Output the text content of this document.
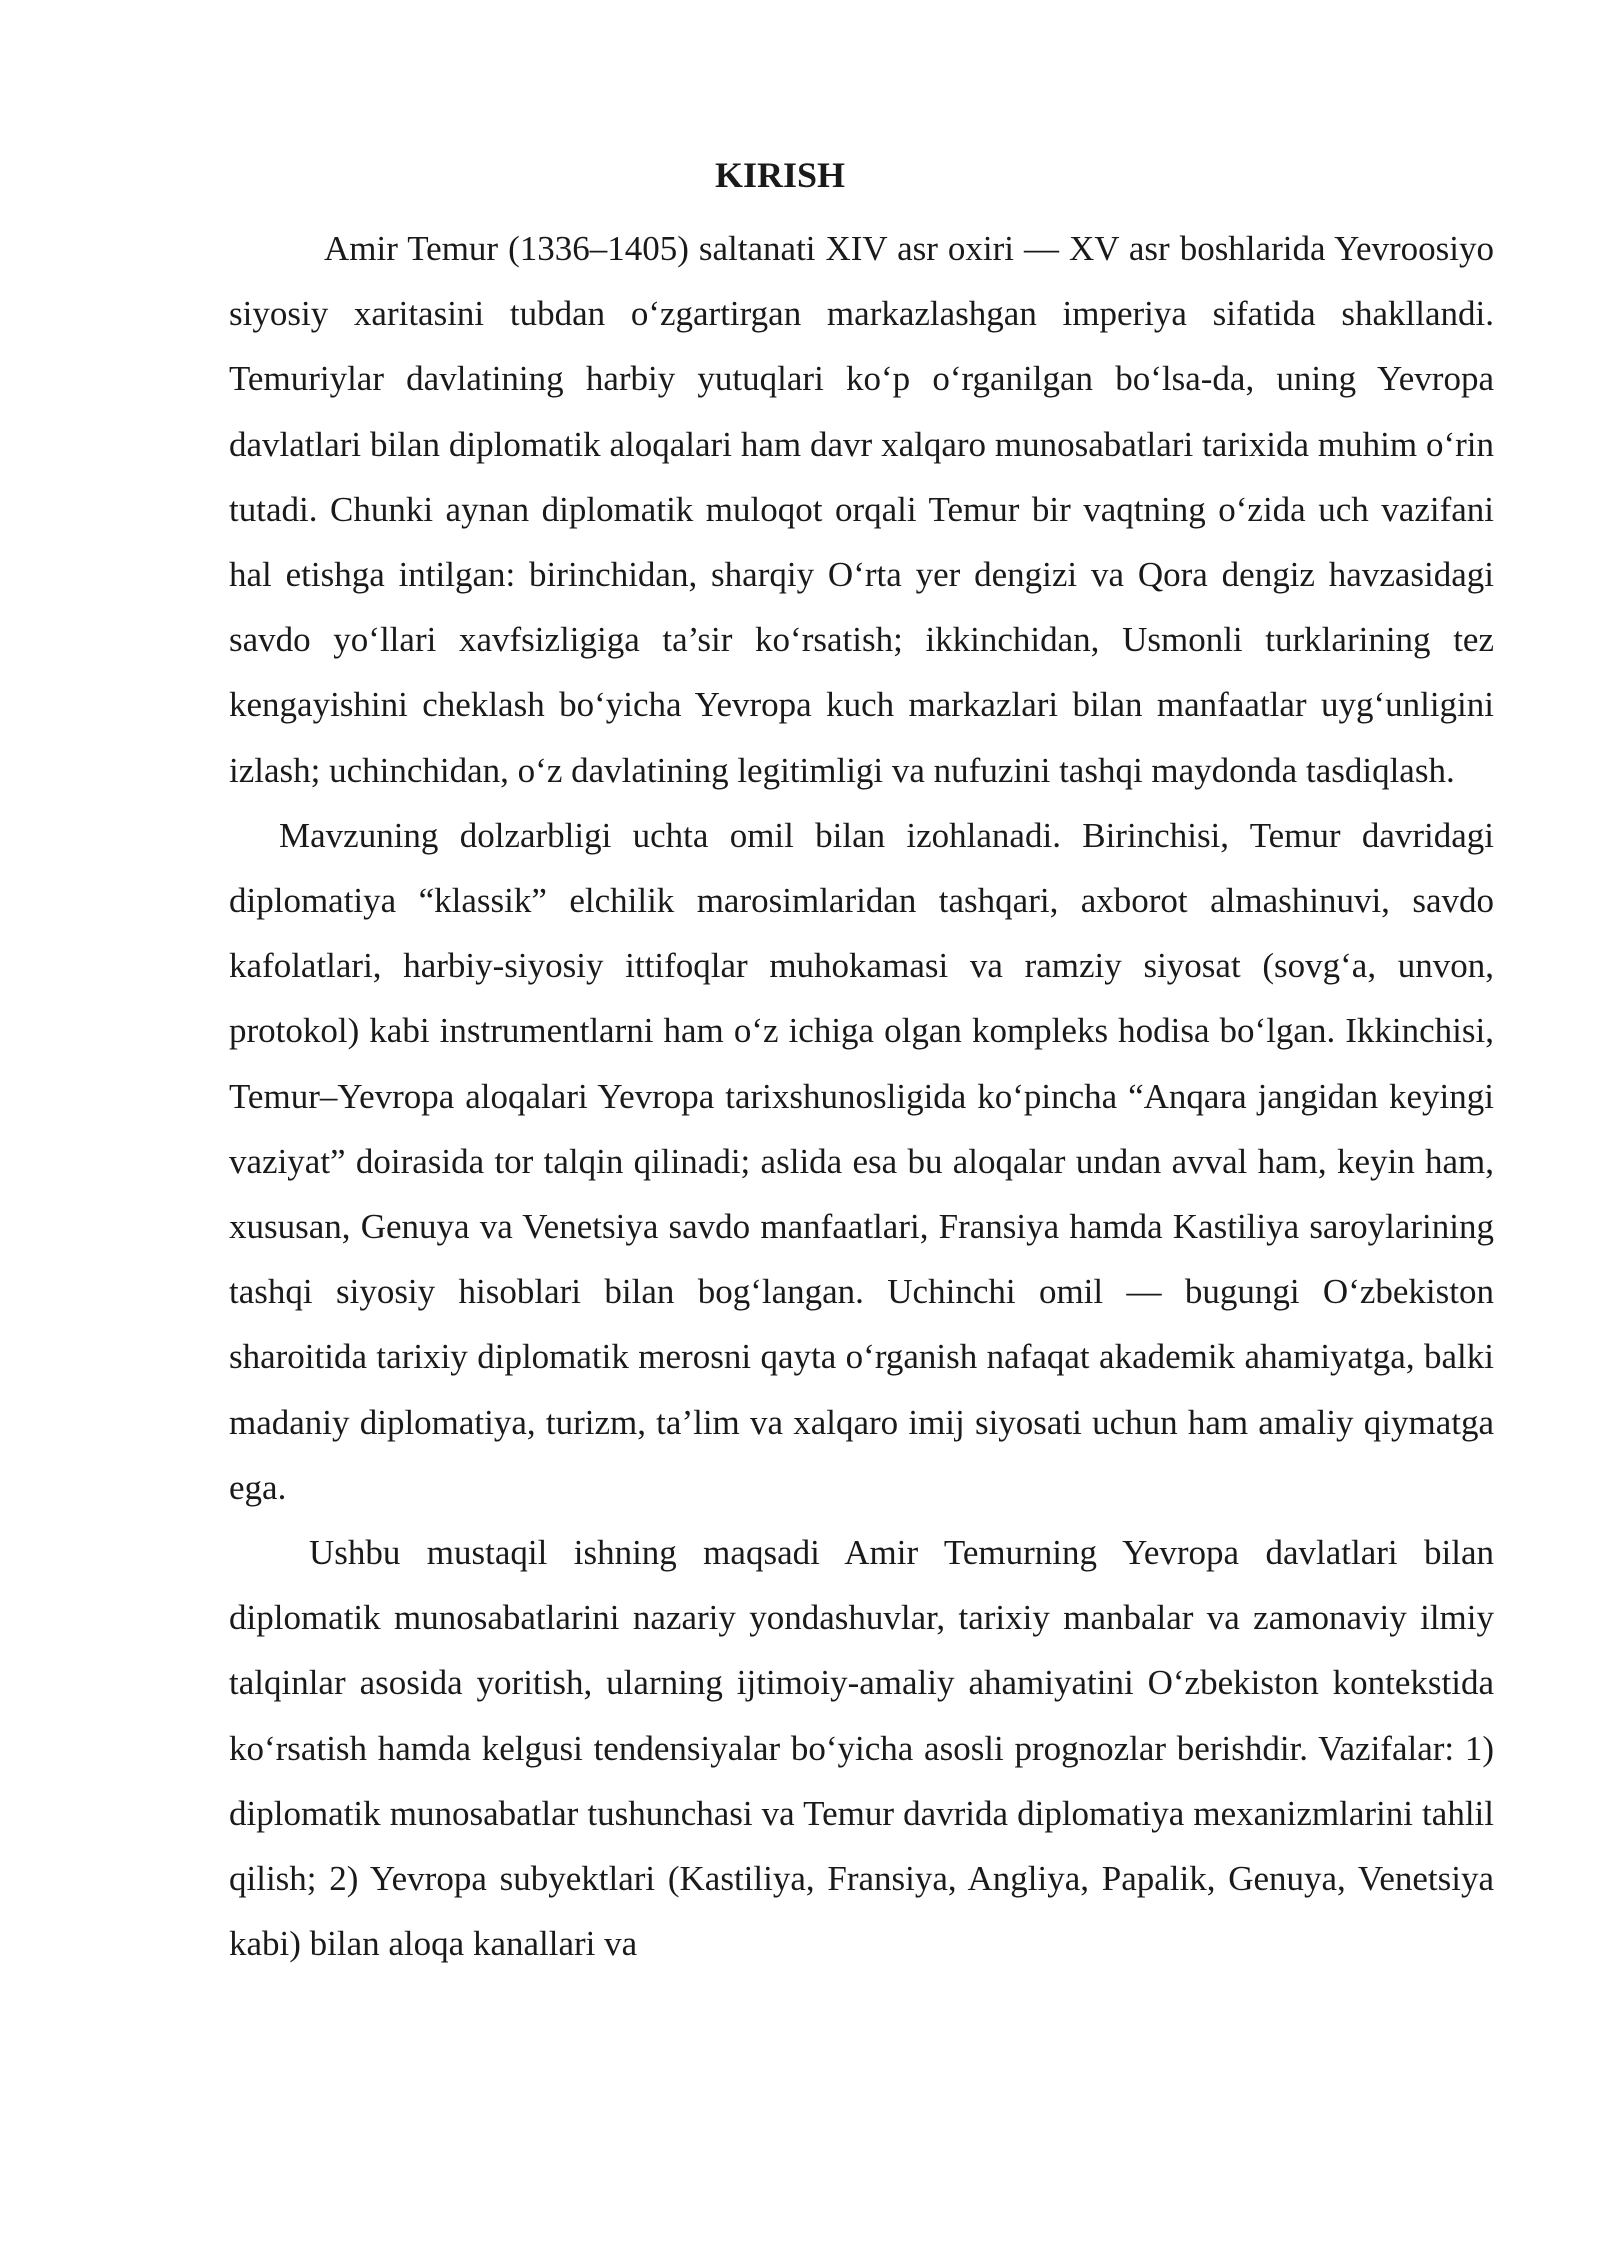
KIRISH

Amir Temur (1336–1405) saltanati XIV asr oxiri — XV asr boshlarida Yevroosiyo siyosiy xaritasini tubdan oʻzgartirgan markazlashgan imperiya sifatida shakllandi. Temuriylar davlatining harbiy yutuqlari koʻp oʻrganilgan boʻlsa-da, uning Yevropa davlatlari bilan diplomatik aloqalari ham davr xalqaro munosabatlari tarixida muhim oʻrin tutadi. Chunki aynan diplomatik muloqot orqali Temur bir vaqtning oʻzida uch vazifani hal etishga intilgan: birinchidan, sharqiy Oʻrta yer dengizi va Qora dengiz havzasidagi savdo yoʻllari xavfsizligiga ta’sir koʻrsatish; ikkinchidan, Usmonli turklarining tez kengayishini cheklash boʻyicha Yevropa kuch markazlari bilan manfaatlar uygʻunligini izlash; uchinchidan, oʻz davlatining legitimligi va nufuzini tashqi maydonda tasdiqlash.

Mavzuning dolzarbligi uchta omil bilan izohlanadi. Birinchisi, Temur davridagi diplomatiya “klassik” elchilik marosimlaridan tashqari, axborot almashinuvi, savdo kafolatlari, harbiy-siyosiy ittifoqlar muhokamasi va ramziy siyosat (sovgʻa, unvon, protokol) kabi instrumentlarni ham oʻz ichiga olgan kompleks hodisa boʻlgan. Ikkinchisi, Temur–Yevropa aloqalari Yevropa tarixshunosligida koʻpincha “Anqara jangidan keyingi vaziyat” doirasida tor talqin qilinadi; aslida esa bu aloqalar undan avval ham, keyin ham, xususan, Genuya va Venetsiya savdo manfaatlari, Fransiya hamda Kastiliya saroylarining tashqi siyosiy hisoblari bilan bogʻlangan. Uchinchi omil — bugungi Oʻzbekiston sharoitida tarixiy diplomatik merosni qayta oʻrganish nafaqat akademik ahamiyatga, balki madaniy diplomatiya, turizm, ta’lim va xalqaro imij siyosati uchun ham amaliy qiymatga ega.

Ushbu mustaqil ishning maqsadi Amir Temurning Yevropa davlatlari bilan diplomatik munosabatlarini nazariy yondashuvlar, tarixiy manbalar va zamonaviy ilmiy talqinlar asosida yoritish, ularning ijtimoiy-amaliy ahamiyatini Oʻzbekiston kontekstida koʻrsatish hamda kelgusi tendensiyalar boʻyicha asosli prognozlar berishdir. Vazifalar: 1) diplomatik munosabatlar tushunchasi va Temur davrida diplomatiya mexanizmlarini tahlil qilish; 2) Yevropa subyektlari (Kastiliya, Fransiya, Angliya, Papalik, Genuya, Venetsiya kabi) bilan aloqa kanallari va
